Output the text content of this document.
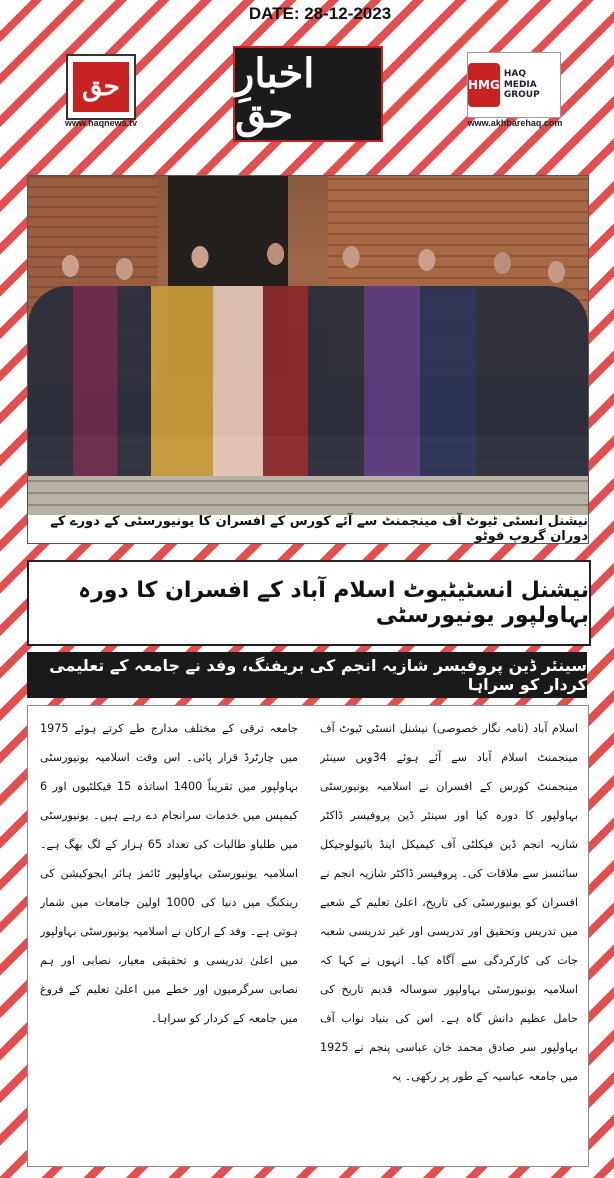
DATE: 28-12-2023
حق
www.haqnews.tv
اخبارِ حق
HMG
HAQ MEDIA GROUP
www.akhbarehaq.com
نیشنل انسٹی ٹیوٹ آف مینجمنٹ سے آئے کورس کے افسران کا یونیورسٹی کے دورے کے دوران گروپ فوٹو
نیشنل انسٹیٹیوٹ اسلام آباد کے افسران کا دورہ بہاولپور یونیورسٹی
سینئر ڈین پروفیسر شازیہ انجم کی بریفنگ، وفد نے جامعہ کے تعلیمی کردار کو سراہا

اسلام آباد (نامہ نگار خصوصی) نیشنل انسٹی ٹیوٹ آف مینجمنٹ اسلام آباد سے آئے ہوئے 34ویں سینئر مینجمنٹ کورس کے افسران نے اسلامیہ یونیورسٹی بہاولپور کا دورہ کیا اور سینئر ڈین پروفیسر ڈاکٹر شازیہ انجم ڈین فیکلٹی آف کیمیکل اینڈ بائیولوجیکل سائنسز سے ملاقات کی۔ پروفیسر ڈاکٹر شازیہ انجم نے افسران کو یونیورسٹی کی تاریخ، اعلیٰ تعلیم کے شعبے میں تدریس وتحقیق اور تدریسی اور غیر تدریسی شعبہ جات کی کارکردگی سے آگاہ کیا۔ انہوں نے کہا کہ اسلامیہ یونیورسٹی بہاولپور سوسالہ قدیم تاریخ کی حامل عظیم دانش گاہ ہے۔ اس کی بنیاد نواب آف بہاولپور سر صادق محمد خان عباسی پنجم نے 1925 میں جامعہ عباسیہ کے طور پر رکھی۔ یہ

جامعہ ترقی کے مختلف مدارج طے کرتے ہوئے 1975 میں چارٹرڈ قرار پائی۔ اس وقت اسلامیہ یونیورسٹی بہاولپور میں تقریباً 1400 اساتذہ 15 فیکلٹیوں اور 6 کیمپس میں خدمات سرانجام دے رہے ہیں۔ یونیورسٹی میں طلباو طالبات کی تعداد 65 ہزار کے لگ بھگ ہے۔ اسلامیہ یونیورسٹی بہاولپور ٹائمز ہائر ایجوکیشن کی رینکنگ میں دنیا کی 1000 اولین جامعات میں شمار ہوتی ہے۔ وفد کے ارکان نے اسلامیہ یونیورسٹی بہاولپور میں اعلیٰ تدریسی و تحقیقی معیار، نصابی اور ہم نصابی سرگرمیوں اور خطے میں اعلیٰ تعلیم کے فروغ میں جامعہ کے کردار کو سراہا۔
